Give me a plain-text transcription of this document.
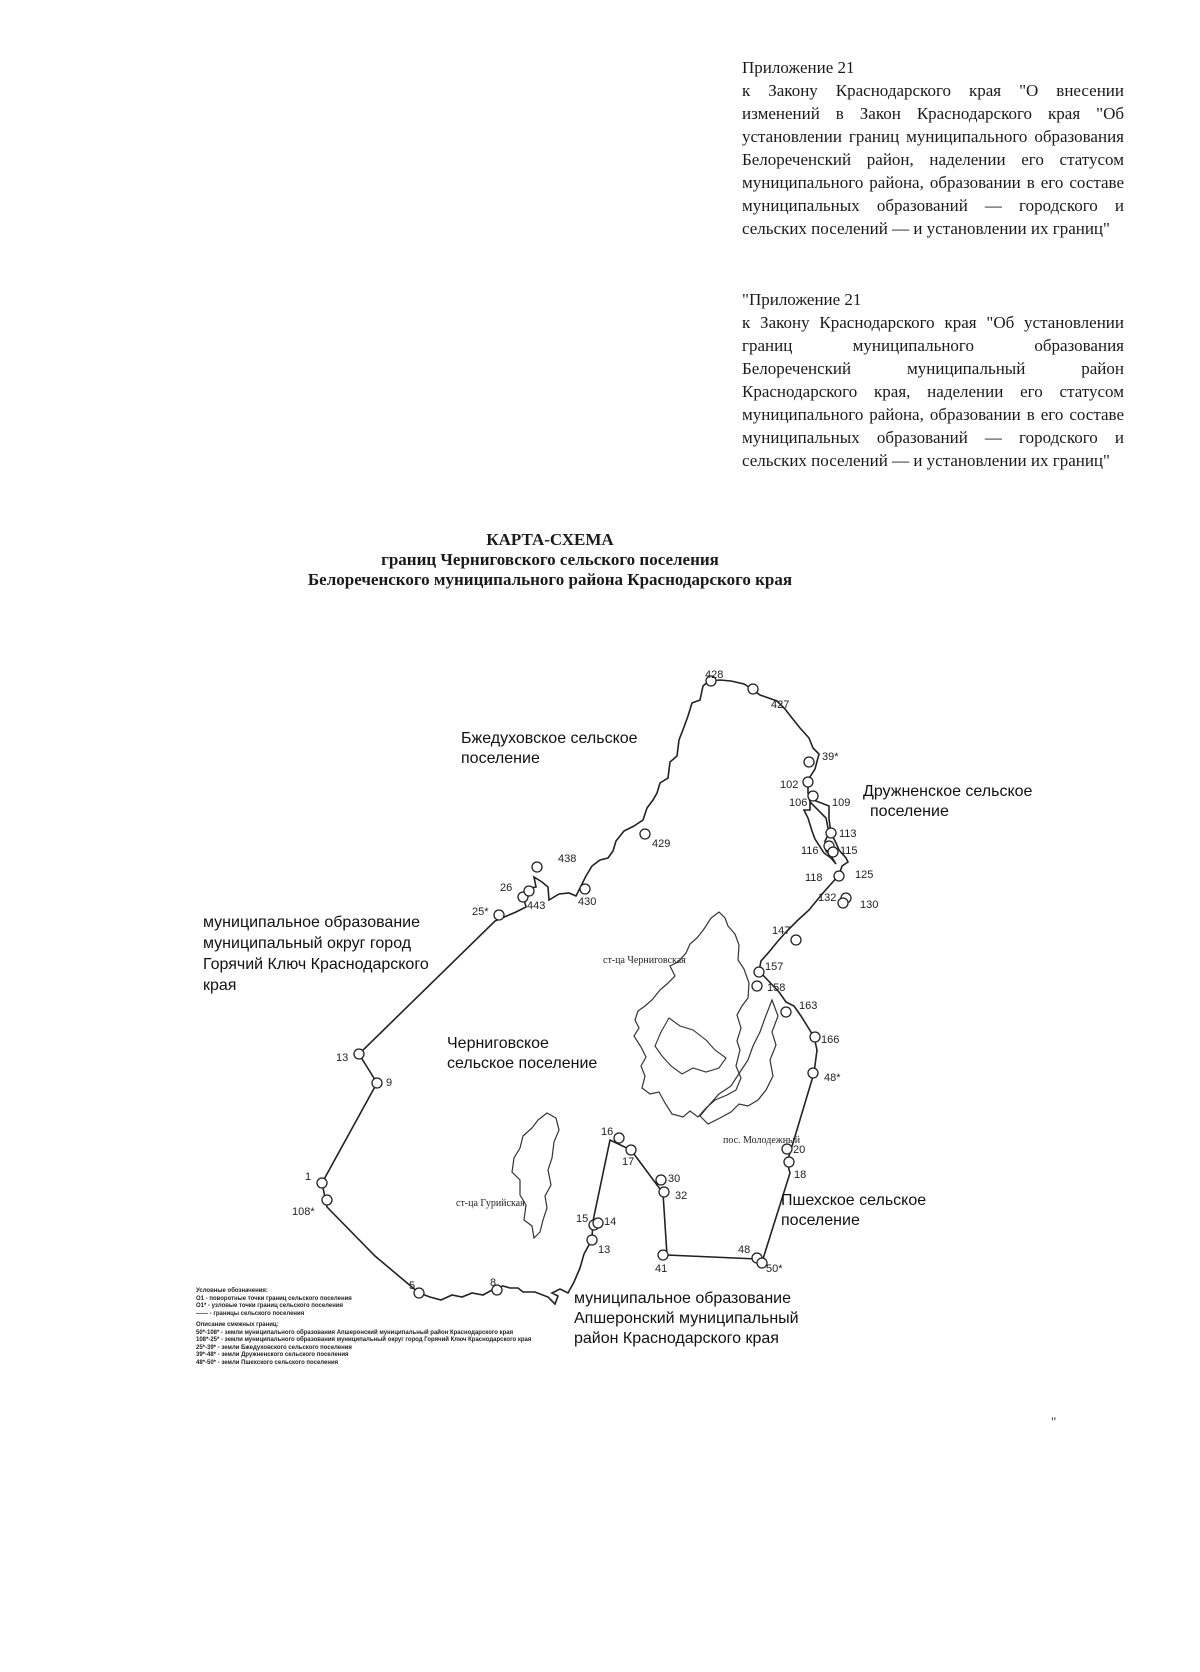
Приложение 21

к Закону Краснодарского края "О внесении изменений в Закон Краснодарского края "Об установлении границ муниципального образования Белореченский район, наделении его статусом муниципального района, образовании в его составе муниципальных образований — городского и сельских поселений — и установлении их границ"

"Приложение 21

к Закону Краснодарского края "Об установлении границ муниципального образования Белореченский муниципальный район Краснодарского края, наделении его статусом муниципального района, образовании в его составе муниципальных образований — городского и сельских поселений — и установлении их границ"

КАРТА-СХЕМА
границ Черниговского сельского поселения
Белореченского муниципального района Краснодарского края
428
427
39*
102
106 109
113
116 115
118	125
132
130
147
157
158
163
166
48*
20
18
48
50*
41
32
30
17
16
15 14
13
13
9
1
108*
5	8
25*
26
443
438
430
429
Бжедуховское сельское
поселение
Дружненское сельское
поселение
муниципальное образование
муниципальный округ город
Горячий Ключ Краснодарского
края
Черниговское
сельское поселение
Пшехское сельское
поселение
муниципальное образование
Апшеронский муниципальный
район Краснодарского края
ст-ца Черниговская
ст-ца Гурийская
пос. Молодежный
"
Условные обозначения:
О1 - поворотные точки границ сельского поселения
О1* - узловые точки границ сельского поселения
—— - границы сельского поселения
Описание смежных границ:
50*-108* - земли муниципального образования Апшеронский муниципальный район Краснодарского края
108*-25* - земли муниципального образования муниципальный округ город Горячий Ключ Краснодарского края
25*-39* - земли Бжедуховского сельского поселения
39*-48* - земли Дружненского сельского поселения
48*-50* - земли Пшехского сельского поселения
